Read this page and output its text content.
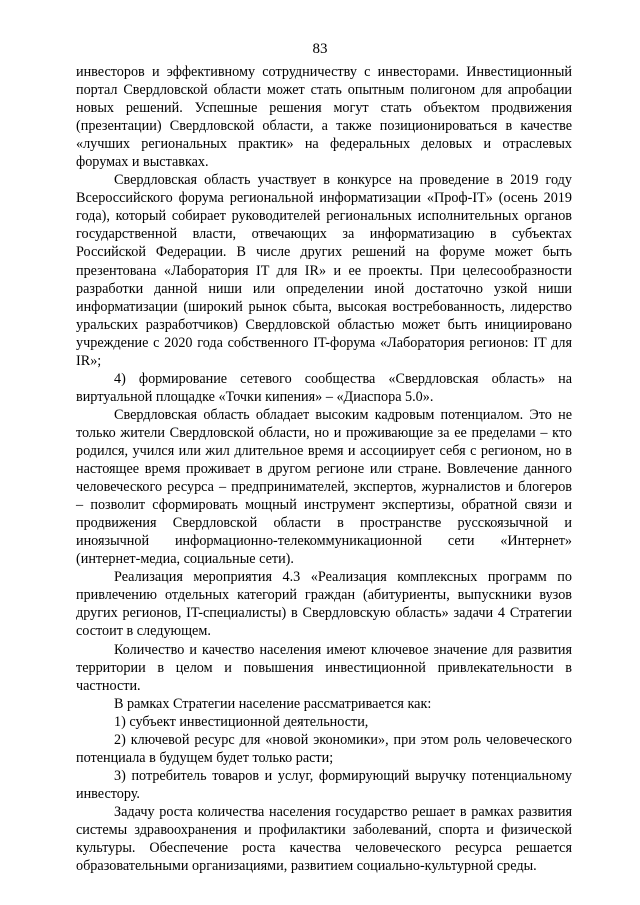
83

инвесторов и эффективному сотрудничеству с инвесторами. Инвестиционный портал Свердловской области может стать опытным полигоном для апробации новых решений. Успешные решения могут стать объектом продвижения (презентации) Свердловской области, а также позиционироваться в качестве «лучших региональных практик» на федеральных деловых и отраслевых форумах и выставках.

Свердловская область участвует в конкурсе на проведение в 2019 году Всероссийского форума региональной информатизации «Проф-IT» (осень 2019 года), который собирает руководителей региональных исполнительных органов государственной власти, отвечающих за информатизацию в субъектах Российской Федерации. В числе других решений на форуме может быть презентована «Лаборатория IT для IR» и ее проекты. При целесообразности разработки данной ниши или определении иной достаточно узкой ниши информатизации (широкий рынок сбыта, высокая востребованность, лидерство уральских разработчиков) Свердловской областью может быть инициировано учреждение с 2020 года собственного IT-форума «Лаборатория регионов: IT для IR»;

4) формирование сетевого сообщества «Свердловская область» на виртуальной площадке «Точки кипения» – «Диаспора 5.0».

Свердловская область обладает высоким кадровым потенциалом. Это не только жители Свердловской области, но и проживающие за ее пределами – кто родился, учился или жил длительное время и ассоциирует себя с регионом, но в настоящее время проживает в другом регионе или стране. Вовлечение данного человеческого ресурса – предпринимателей, экспертов, журналистов и блогеров – позволит сформировать мощный инструмент экспертизы, обратной связи и продвижения Свердловской области в пространстве русскоязычной и иноязычной информационно-телекоммуникационной сети «Интернет» (интернет-медиа, социальные сети).

Реализация мероприятия 4.3 «Реализация комплексных программ по привлечению отдельных категорий граждан (абитуриенты, выпускники вузов других регионов, IT-специалисты) в Свердловскую область» задачи 4 Стратегии состоит в следующем.

Количество и качество населения имеют ключевое значение для развития территории в целом и повышения инвестиционной привлекательности в частности.

В рамках Стратегии население рассматривается как:

1) субъект инвестиционной деятельности,

2) ключевой ресурс для «новой экономики», при этом роль человеческого потенциала в будущем будет только расти;

3) потребитель товаров и услуг, формирующий выручку потенциальному инвестору.

Задачу роста количества населения государство решает в рамках развития системы здравоохранения и профилактики заболеваний, спорта и физической культуры. Обеспечение роста качества человеческого ресурса решается образовательными организациями, развитием социально-культурной среды.
